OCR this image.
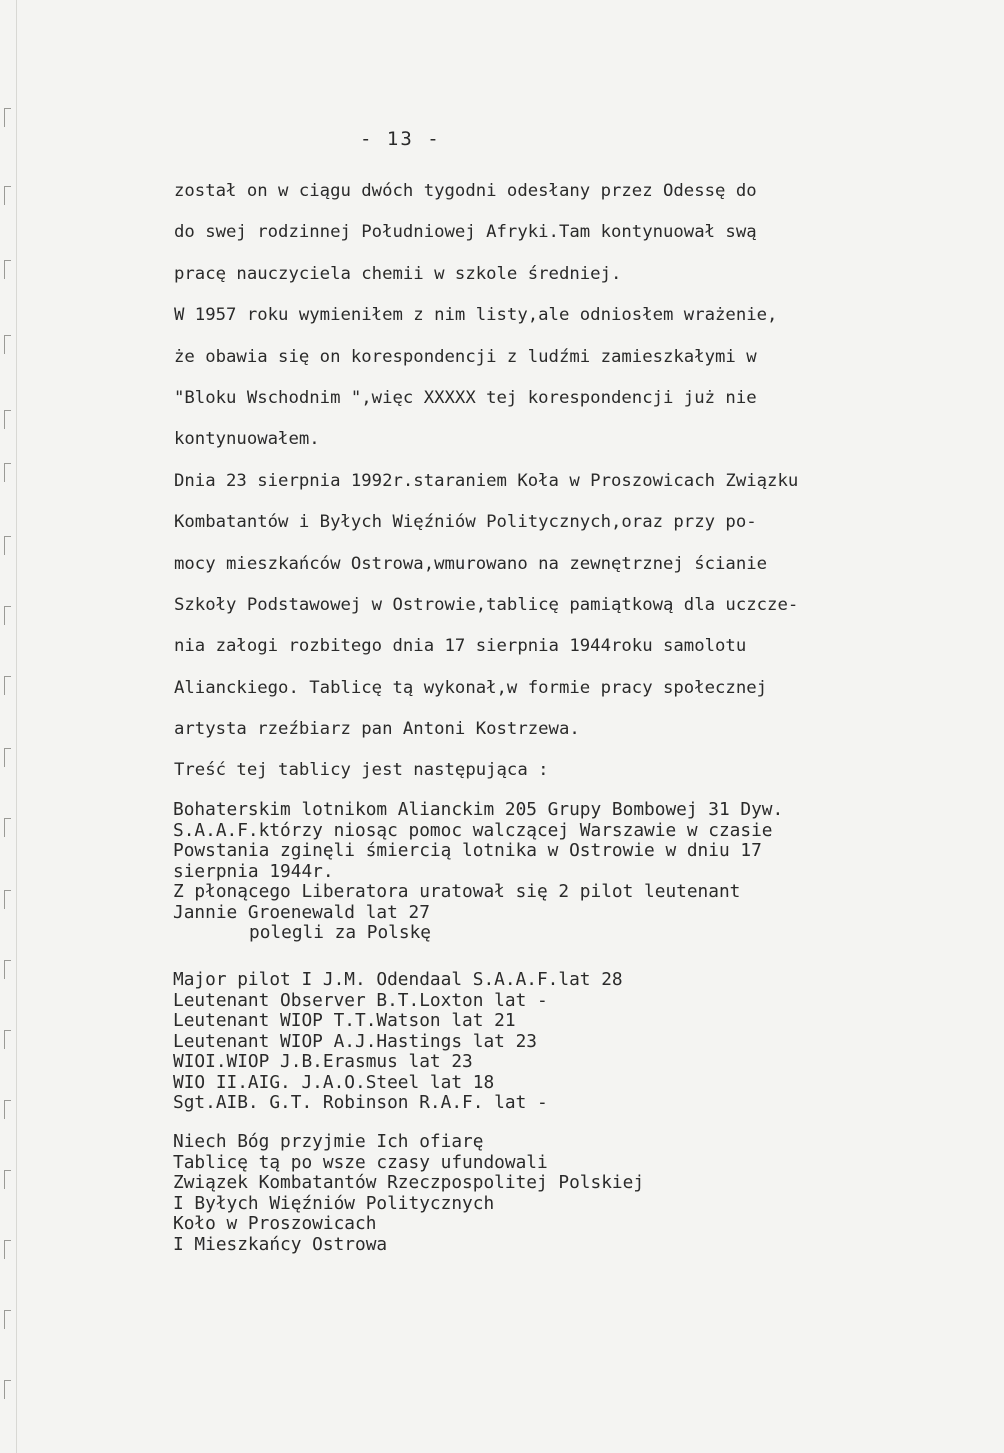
- 13 -
został on w ciągu dwóch tygodni odesłany przez Odessę do
do swej rodzinnej Południowej Afryki.Tam kontynuował swą
pracę nauczyciela chemii w szkole średniej.
W 1957 roku wymieniłem z nim listy,ale odniosłem wrażenie,
że obawia się on korespondencji z ludźmi zamieszkałymi w
"Bloku Wschodnim ",więc XXXXX tej korespondencji już nie
kontynuowałem.
Dnia 23 sierpnia 1992r.staraniem Koła w Proszowicach Związku
Kombatantów i Byłych Więźniów Politycznych,oraz przy po-
mocy mieszkańców Ostrowa,wmurowano na zewnętrznej ścianie
Szkoły Podstawowej w Ostrowie,tablicę pamiątkową dla uczcze-
nia załogi rozbitego dnia 17 sierpnia 1944roku samolotu
Alianckiego. Tablicę tą wykonał,w formie pracy społecznej
artysta rzeźbiarz pan Antoni Kostrzewa.
Treść tej tablicy jest następująca :
Bohaterskim lotnikom Alianckim 205 Grupy Bombowej 31 Dyw.
S.A.A.F.którzy niosąc pomoc walczącej Warszawie w czasie
Powstania zginęli śmiercią lotnika w Ostrowie w dniu 17
sierpnia 1944r.
Z płonącego Liberatora uratował się 2 pilot leutenant
Jannie Groenewald lat 27
polegli za Polskę
Major pilot I J.M. Odendaal S.A.A.F.lat 28
Leutenant Observer B.T.Loxton lat -
Leutenant WIOP T.T.Watson lat 21
Leutenant WIOP A.J.Hastings lat 23
WIOI.WIOP J.B.Erasmus lat 23
WIO II.AIG. J.A.O.Steel lat 18
Sgt.AIB. G.T. Robinson R.A.F. lat -
Niech Bóg przyjmie Ich ofiarę
Tablicę tą po wsze czasy ufundowali
Związek Kombatantów Rzeczpospolitej Polskiej
I Byłych Więźniów Politycznych
Koło w Proszowicach
I Mieszkańcy Ostrowa
